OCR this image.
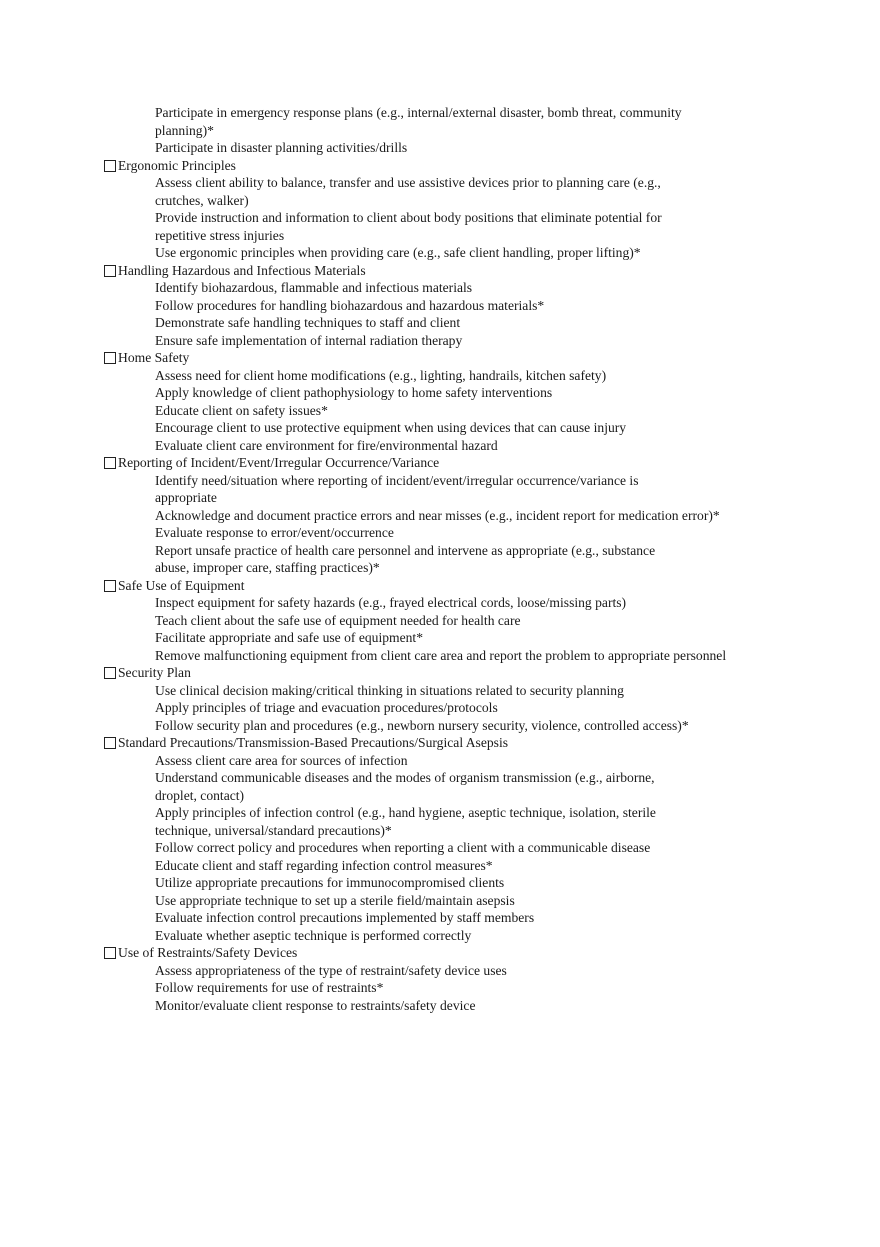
Participate in emergency response plans (e.g., internal/external disaster, bomb threat, community
planning)*
Participate in disaster planning activities/drills
Ergonomic Principles
Assess client ability to balance, transfer and use assistive devices prior to planning care (e.g.,
crutches, walker)
Provide instruction and information to client about body positions that eliminate potential for
repetitive stress injuries
Use ergonomic principles when providing care (e.g., safe client handling, proper lifting)*
Handling Hazardous and Infectious Materials
Identify biohazardous, flammable and infectious materials
Follow procedures for handling biohazardous and hazardous materials*
Demonstrate safe handling techniques to staff and client
Ensure safe implementation of internal radiation therapy
Home Safety
Assess need for client home modifications (e.g., lighting, handrails, kitchen safety)
Apply knowledge of client pathophysiology to home safety interventions
Educate client on safety issues*
Encourage client to use protective equipment when using devices that can cause injury
Evaluate client care environment for fire/environmental hazard
Reporting of Incident/Event/Irregular Occurrence/Variance
Identify need/situation where reporting of incident/event/irregular occurrence/variance is
appropriate
Acknowledge and document practice errors and near misses (e.g., incident report for medication error)*
Evaluate response to error/event/occurrence
Report unsafe practice of health care personnel and intervene as appropriate (e.g., substance
abuse, improper care, staffing practices)*
Safe Use of Equipment
Inspect equipment for safety hazards (e.g., frayed electrical cords, loose/missing parts)
Teach client about the safe use of equipment needed for health care
Facilitate appropriate and safe use of equipment*
Remove malfunctioning equipment from client care area and report the problem to appropriate personnel
Security Plan
Use clinical decision making/critical thinking in situations related to security planning
Apply principles of triage and evacuation procedures/protocols
Follow security plan and procedures (e.g., newborn nursery security, violence, controlled access)*
Standard Precautions/Transmission-Based Precautions/Surgical Asepsis
Assess client care area for sources of infection
Understand communicable diseases and the modes of organism transmission (e.g., airborne,
droplet, contact)
Apply principles of infection control (e.g., hand hygiene, aseptic technique, isolation, sterile
technique, universal/standard precautions)*
Follow correct policy and procedures when reporting a client with a communicable disease
Educate client and staff regarding infection control measures*
Utilize appropriate precautions for immunocompromised clients
Use appropriate technique to set up a sterile field/maintain asepsis
Evaluate infection control precautions implemented by staff members
Evaluate whether aseptic technique is performed correctly
Use of Restraints/Safety Devices
Assess appropriateness of the type of restraint/safety device uses
Follow requirements for use of restraints*
Monitor/evaluate client response to restraints/safety device
